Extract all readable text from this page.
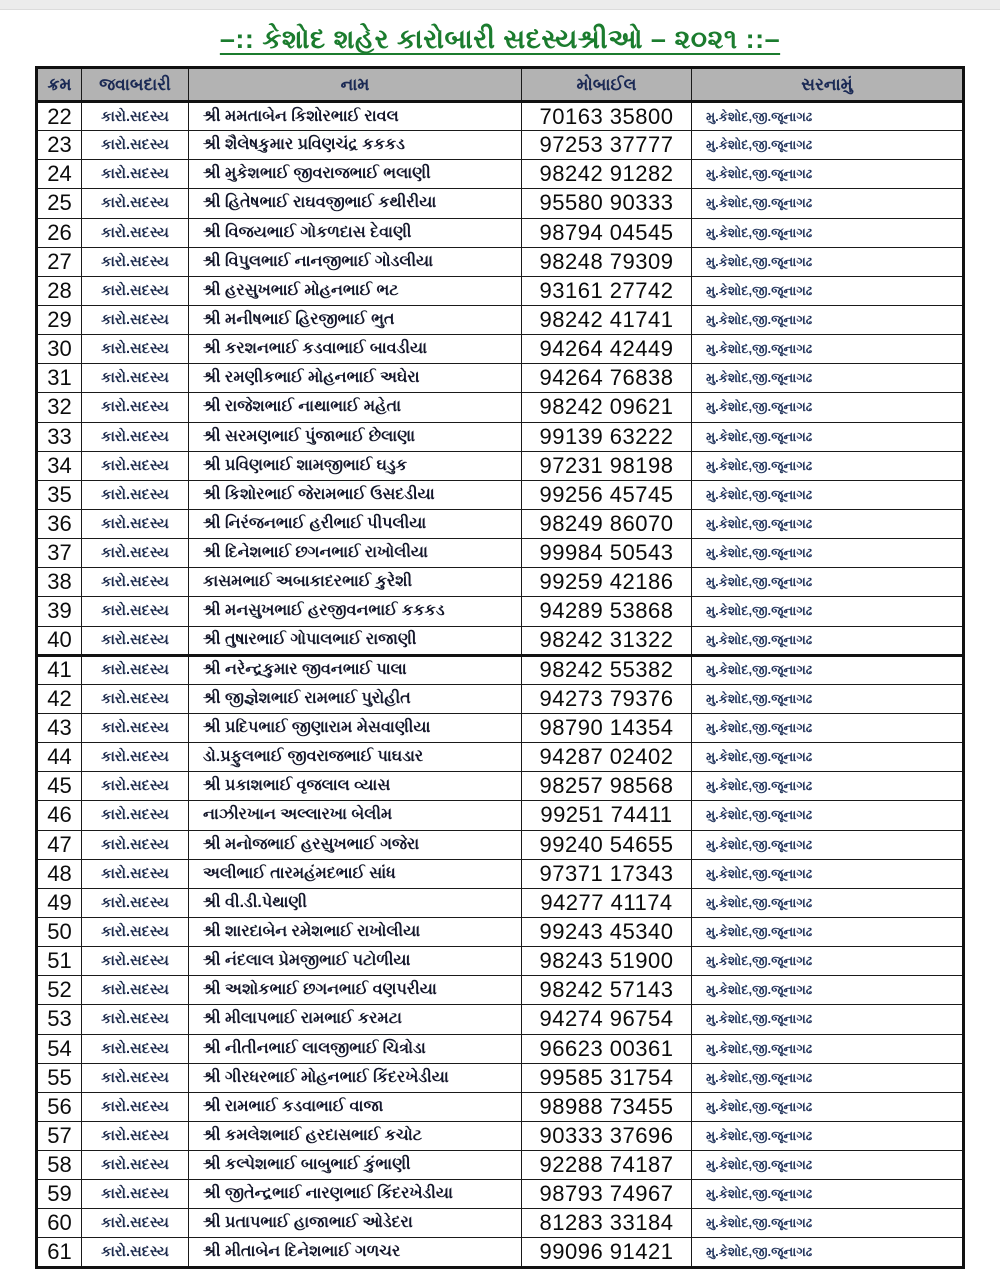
–:: કેશોદ શહેર કારોબારી સદસ્યશ્રીઓ – ૨૦૨૧ ::–
ક્રમ	જવાબદારી	નામ	મોબાઈલ	સરનામું
22	કારો.સદસ્ય	શ્રી મમતાબેન કિશોરભાઈ રાવલ	70163 35800	મુ.કેશોદ,જી.જૂનાગઢ
23	કારો.સદસ્ય	શ્રી શૈલેષકુમાર પ્રવિણચંદ્ર કકકડ	97253 37777	મુ.કેશોદ,જી.જૂનાગઢ
24	કારો.સદસ્ય	શ્રી મુકેશભાઈ જીવરાજભાઈ ભલાણી	98242 91282	મુ.કેશોદ,જી.જૂનાગઢ
25	કારો.સદસ્ય	શ્રી હિતેષભાઈ રાઘવજીભાઈ કથીરીયા	95580 90333	મુ.કેશોદ,જી.જૂનાગઢ
26	કારો.સદસ્ય	શ્રી વિજયભાઈ ગોકળદાસ દેવાણી	98794 04545	મુ.કેશોદ,જી.જૂનાગઢ
27	કારો.સદસ્ય	શ્રી વિપુલભાઈ નાનજીભાઈ ગોડલીયા	98248 79309	મુ.કેશોદ,જી.જૂનાગઢ
28	કારો.સદસ્ય	શ્રી હરસુખભાઈ મોહનભાઈ ભટ	93161 27742	મુ.કેશોદ,જી.જૂનાગઢ
29	કારો.સદસ્ય	શ્રી મનીષભાઈ હિરજીભાઈ ભુત	98242 41741	મુ.કેશોદ,જી.જૂનાગઢ
30	કારો.સદસ્ય	શ્રી કરશનભાઈ કડવાભાઈ બાવડીયા	94264 42449	મુ.કેશોદ,જી.જૂનાગઢ
31	કારો.સદસ્ય	શ્રી રમણીકભાઈ મોહનભાઈ અઘેરા	94264 76838	મુ.કેશોદ,જી.જૂનાગઢ
32	કારો.સદસ્ય	શ્રી રાજેશભાઈ નાથાભાઈ મહેતા	98242 09621	મુ.કેશોદ,જી.જૂનાગઢ
33	કારો.સદસ્ય	શ્રી સરમણભાઈ પુંજાભાઈ છેલાણા	99139 63222	મુ.કેશોદ,જી.જૂનાગઢ
34	કારો.સદસ્ય	શ્રી પ્રવિણભાઈ શામજીભાઈ ઘડુક	97231 98198	મુ.કેશોદ,જી.જૂનાગઢ
35	કારો.સદસ્ય	શ્રી કિશોરભાઈ જેરામભાઈ ઉસદડીયા	99256 45745	મુ.કેશોદ,જી.જૂનાગઢ
36	કારો.સદસ્ય	શ્રી નિરંજનભાઈ હરીભાઈ પીપલીયા	98249 86070	મુ.કેશોદ,જી.જૂનાગઢ
37	કારો.સદસ્ય	શ્રી દિનેશભાઈ છગનભાઈ રાખોલીયા	99984 50543	મુ.કેશોદ,જી.જૂનાગઢ
38	કારો.સદસ્ય	કાસમભાઈ અબાકાદરભાઈ કુરેશી	99259 42186	મુ.કેશોદ,જી.જૂનાગઢ
39	કારો.સદસ્ય	શ્રી મનસુખભાઈ હરજીવનભાઈ કકકડ	94289 53868	મુ.કેશોદ,જી.જૂનાગઢ
40	કારો.સદસ્ય	શ્રી તુષારભાઈ ગોપાલભાઈ રાજાણી	98242 31322	મુ.કેશોદ,જી.જૂનાગઢ
41	કારો.સદસ્ય	શ્રી નરેન્દ્રકુમાર જીવનભાઈ પાલા	98242 55382	મુ.કેશોદ,જી.જૂનાગઢ
42	કારો.સદસ્ય	શ્રી જીજ્ઞેશભાઈ રામભાઈ પુરોહીત	94273 79376	મુ.કેશોદ,જી.જૂનાગઢ
43	કારો.સદસ્ય	શ્રી પ્રદિપભાઈ જીણારામ મેસવાણીયા	98790 14354	મુ.કેશોદ,જી.જૂનાગઢ
44	કારો.સદસ્ય	ડો.પ્રફુલભાઈ જીવરાજભાઈ પાઘડાર	94287 02402	મુ.કેશોદ,જી.જૂનાગઢ
45	કારો.સદસ્ય	શ્રી પ્રકાશભાઈ વૃજલાલ વ્યાસ	98257 98568	મુ.કેશોદ,જી.જૂનાગઢ
46	કારો.સદસ્ય	નાઝીરખાન અલ્લારખા બેલીમ	99251 74411	મુ.કેશોદ,જી.જૂનાગઢ
47	કારો.સદસ્ય	શ્રી મનોજભાઈ હરસુખભાઈ ગજેરા	99240 54655	મુ.કેશોદ,જી.જૂનાગઢ
48	કારો.સદસ્ય	અલીભાઈ તારમહંમદભાઈ સાંધ	97371 17343	મુ.કેશોદ,જી.જૂનાગઢ
49	કારો.સદસ્ય	શ્રી વી.ડી.પેથાણી	94277 41174	મુ.કેશોદ,જી.જૂનાગઢ
50	કારો.સદસ્ય	શ્રી શારદાબેન રમેશભાઈ રાખોલીયા	99243 45340	મુ.કેશોદ,જી.જૂનાગઢ
51	કારો.સદસ્ય	શ્રી નંદલાલ પ્રેમજીભાઈ પટોળીયા	98243 51900	મુ.કેશોદ,જી.જૂનાગઢ
52	કારો.સદસ્ય	શ્રી અશોકભાઈ છગનભાઈ વણપરીયા	98242 57143	મુ.કેશોદ,જી.જૂનાગઢ
53	કારો.સદસ્ય	શ્રી મીલાપભાઈ રામભાઈ કરમટા	94274 96754	મુ.કેશોદ,જી.જૂનાગઢ
54	કારો.સદસ્ય	શ્રી નીતીનભાઈ લાલજીભાઈ ચિત્રોડા	96623 00361	મુ.કેશોદ,જી.જૂનાગઢ
55	કારો.સદસ્ય	શ્રી ગીરધરભાઈ મોહનભાઈ કિંદરખેડીયા	99585 31754	મુ.કેશોદ,જી.જૂનાગઢ
56	કારો.સદસ્ય	શ્રી રામભાઈ કડવાભાઈ વાજા	98988 73455	મુ.કેશોદ,જી.જૂનાગઢ
57	કારો.સદસ્ય	શ્રી કમલેશભાઈ હરદાસભાઈ કચોટ	90333 37696	મુ.કેશોદ,જી.જૂનાગઢ
58	કારો.સદસ્ય	શ્રી કલ્પેશભાઈ બાબુભાઈ કુંભાણી	92288 74187	મુ.કેશોદ,જી.જૂનાગઢ
59	કારો.સદસ્ય	શ્રી જીતેન્દ્રભાઈ નારણભાઈ કિંદરખેડીયા	98793 74967	મુ.કેશોદ,જી.જૂનાગઢ
60	કારો.સદસ્ય	શ્રી પ્રતાપભાઈ હાજાભાઈ ઓડેદરા	81283 33184	મુ.કેશોદ,જી.જૂનાગઢ
61	કારો.સદસ્ય	શ્રી મીતાબેન દિનેશભાઈ ગળચર	99096 91421	મુ.કેશોદ,જી.જૂનાગઢ
